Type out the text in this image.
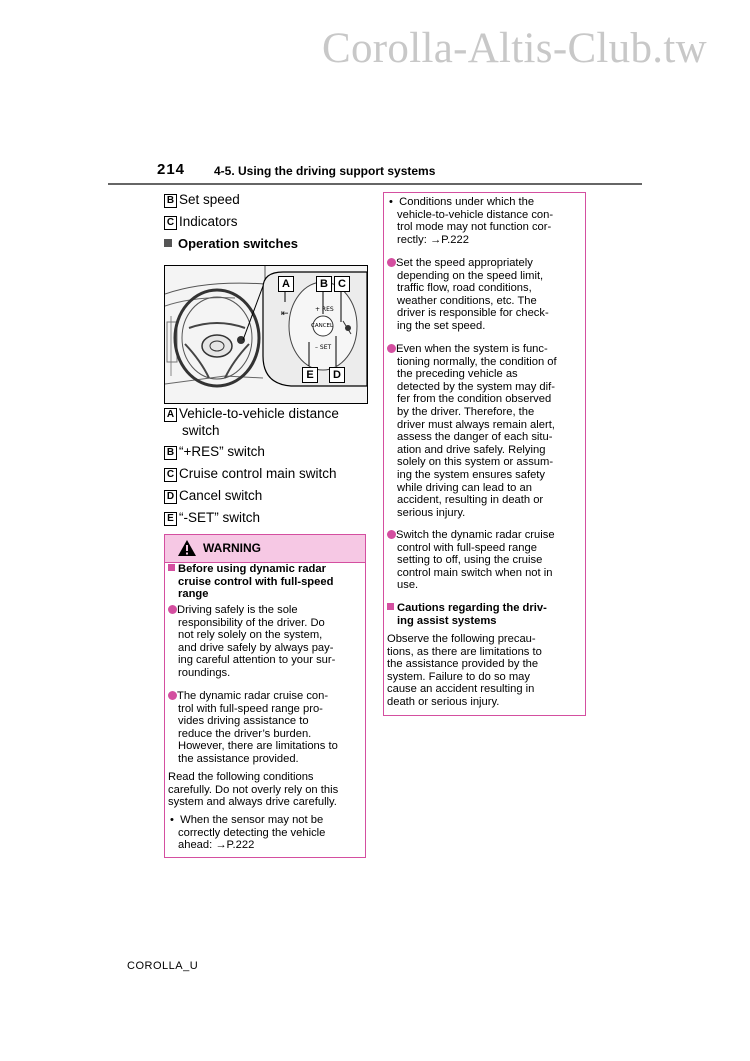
Corolla-Altis-Club.tw
214 4-5. Using the driving support systems
B Set speed
C Indicators
Operation switches
⇤
A	B C
E	D
+ RES
CANCEL
– SET
A Vehicle-to-vehicle distance
switch
B “+RES” switch
C Cruise control main switch
D Cancel switch
E “-SET” switch
WARNING
Before using dynamic radar
cruise control with full-speed
range
Driving safely is the sole
responsibility of the driver. Do
not rely solely on the system,
and drive safely by always pay-
ing careful attention to your sur-
roundings.
The dynamic radar cruise con-
trol with full-speed range pro-
vides driving assistance to
reduce the driver’s burden.
However, there are limitations to
the assistance provided.
Read the following conditions
carefully. Do not overly rely on this
system and always drive carefully.
•  When the sensor may not be
correctly detecting the vehicle
ahead: →P.222
•  Conditions under which the
vehicle-to-vehicle distance con-
trol mode may not function cor-
rectly: →P.222
Set the speed appropriately
depending on the speed limit,
traffic flow, road conditions,
weather conditions, etc. The
driver is responsible for check-
ing the set speed.
Even when the system is func-
tioning normally, the condition of
the preceding vehicle as
detected by the system may dif-
fer from the condition observed
by the driver. Therefore, the
driver must always remain alert,
assess the danger of each situ-
ation and drive safely. Relying
solely on this system or assum-
ing the system ensures safety
while driving can lead to an
accident, resulting in death or
serious injury.
Switch the dynamic radar cruise
control with full-speed range
setting to off, using the cruise
control main switch when not in
use.
Cautions regarding the driv-
ing assist systems
Observe the following precau-
tions, as there are limitations to
the assistance provided by the
system. Failure to do so may
cause an accident resulting in
death or serious injury.
COROLLA_U
